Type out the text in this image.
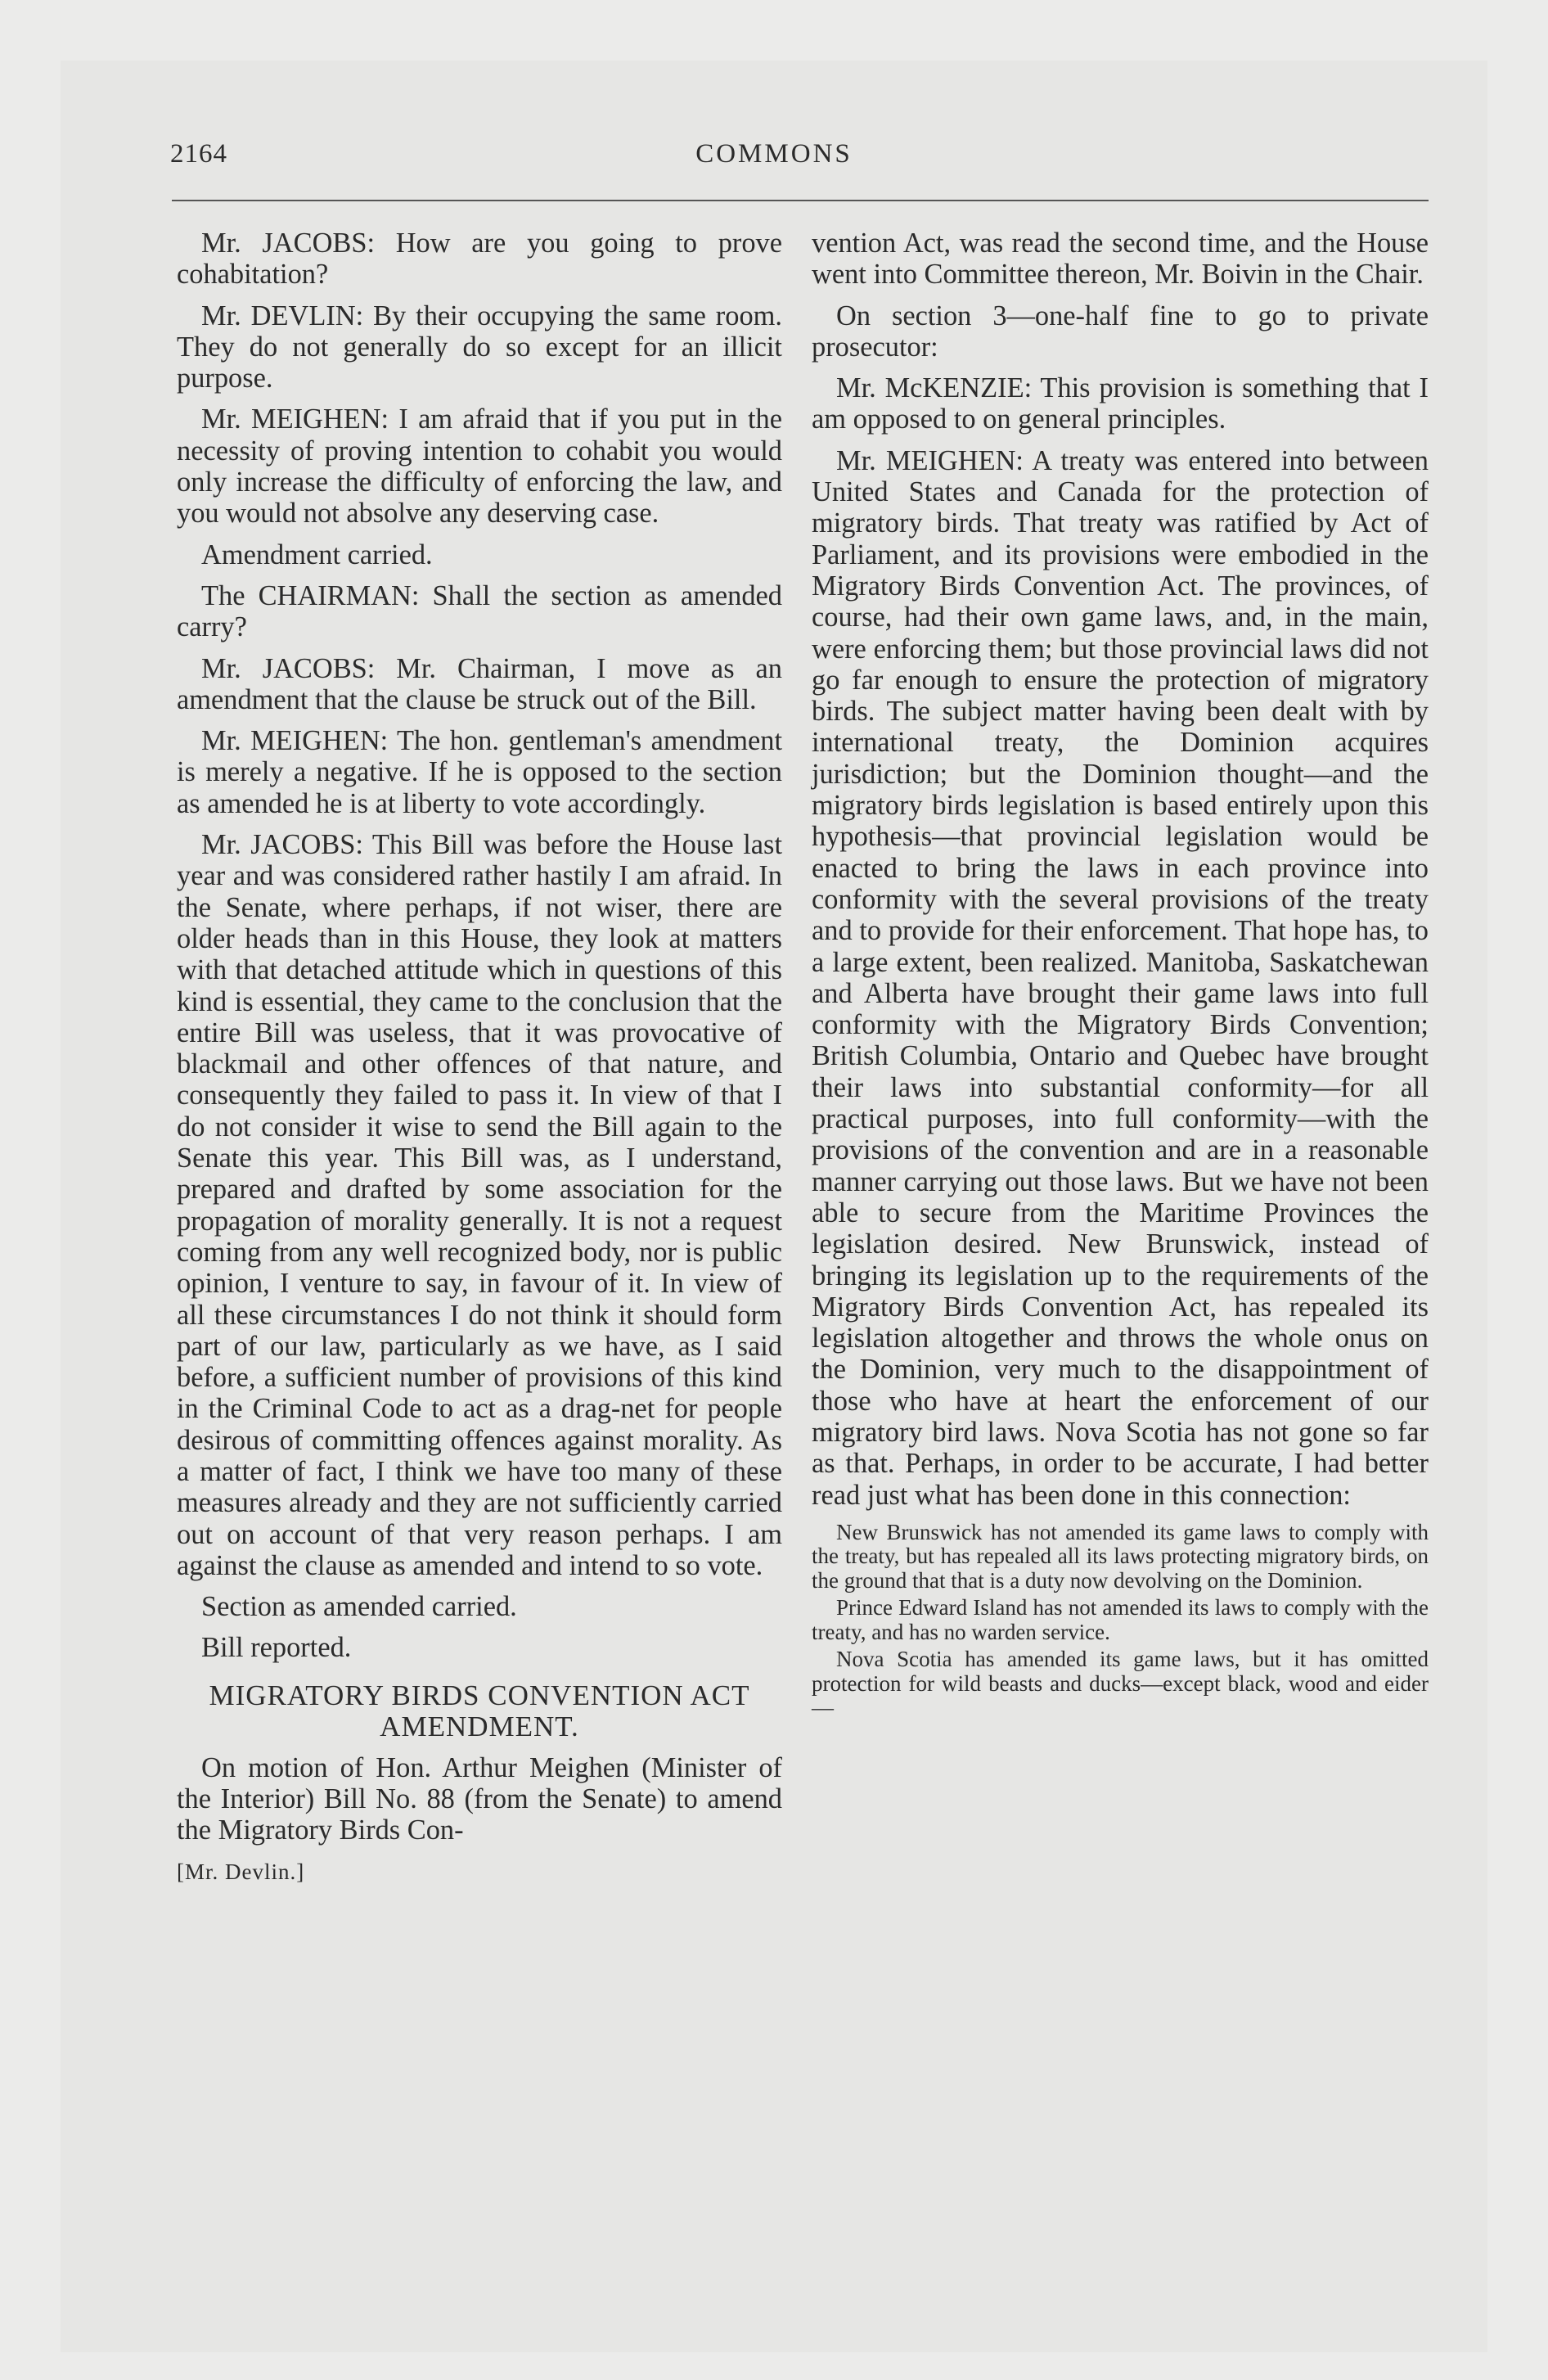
2164	COMMONS

Mr. JACOBS: How are you going to prove cohabitation?

Mr. DEVLIN: By their occupying the same room. They do not generally do so except for an illicit purpose.

Mr. MEIGHEN: I am afraid that if you put in the necessity of proving intention to cohabit you would only increase the difficulty of enforcing the law, and you would not absolve any deserving case.

Amendment carried.

The CHAIRMAN: Shall the section as amended carry?

Mr. JACOBS: Mr. Chairman, I move as an amendment that the clause be struck out of the Bill.

Mr. MEIGHEN: The hon. gentleman's amendment is merely a negative. If he is opposed to the section as amended he is at liberty to vote accordingly.

Mr. JACOBS: This Bill was before the House last year and was considered rather hastily I am afraid. In the Senate, where perhaps, if not wiser, there are older heads than in this House, they look at matters with that detached attitude which in questions of this kind is essential, they came to the conclusion that the entire Bill was useless, that it was provocative of blackmail and other offences of that nature, and consequently they failed to pass it. In view of that I do not consider it wise to send the Bill again to the Senate this year. This Bill was, as I understand, prepared and drafted by some association for the propagation of morality generally. It is not a request coming from any well recognized body, nor is public opinion, I venture to say, in favour of it. In view of all these circumstances I do not think it should form part of our law, particularly as we have, as I said before, a sufficient number of provisions of this kind in the Criminal Code to act as a drag-net for people desirous of committing offences against morality. As a matter of fact, I think we have too many of these measures already and they are not sufficiently carried out on account of that very reason perhaps. I am against the clause as amended and intend to so vote.

Section as amended carried.

Bill reported.

MIGRATORY BIRDS CONVENTION ACT AMENDMENT.

On motion of Hon. Arthur Meighen (Minister of the Interior) Bill No. 88 (from the Senate) to amend the Migratory Birds Con-

[Mr. Devlin.]

vention Act, was read the second time, and the House went into Committee thereon, Mr. Boivin in the Chair.

On section 3—one-half fine to go to private prosecutor:

Mr. McKENZIE: This provision is something that I am opposed to on general principles.

Mr. MEIGHEN: A treaty was entered into between United States and Canada for the protection of migratory birds. That treaty was ratified by Act of Parliament, and its provisions were embodied in the Migratory Birds Convention Act. The provinces, of course, had their own game laws, and, in the main, were enforcing them; but those provincial laws did not go far enough to ensure the protection of migratory birds. The subject matter having been dealt with by international treaty, the Dominion acquires jurisdiction; but the Dominion thought—and the migratory birds legislation is based entirely upon this hypothesis—that provincial legislation would be enacted to bring the laws in each province into conformity with the several provisions of the treaty and to provide for their enforcement. That hope has, to a large extent, been realized. Manitoba, Saskatchewan and Alberta have brought their game laws into full conformity with the Migratory Birds Convention; British Columbia, Ontario and Quebec have brought their laws into substantial conformity—for all practical purposes, into full conformity—with the provisions of the convention and are in a reasonable manner carrying out those laws. But we have not been able to secure from the Maritime Provinces the legislation desired. New Brunswick, instead of bringing its legislation up to the requirements of the Migratory Birds Convention Act, has repealed its legislation altogether and throws the whole onus on the Dominion, very much to the disappointment of those who have at heart the enforcement of our migratory bird laws. Nova Scotia has not gone so far as that. Perhaps, in order to be accurate, I had better read just what has been done in this connection:

New Brunswick has not amended its game laws to comply with the treaty, but has repealed all its laws protecting migratory birds, on the ground that that is a duty now devolving on the Dominion.

Prince Edward Island has not amended its laws to comply with the treaty, and has no warden service.

Nova Scotia has amended its game laws, but it has omitted protection for wild beasts and ducks—except black, wood and eider—
